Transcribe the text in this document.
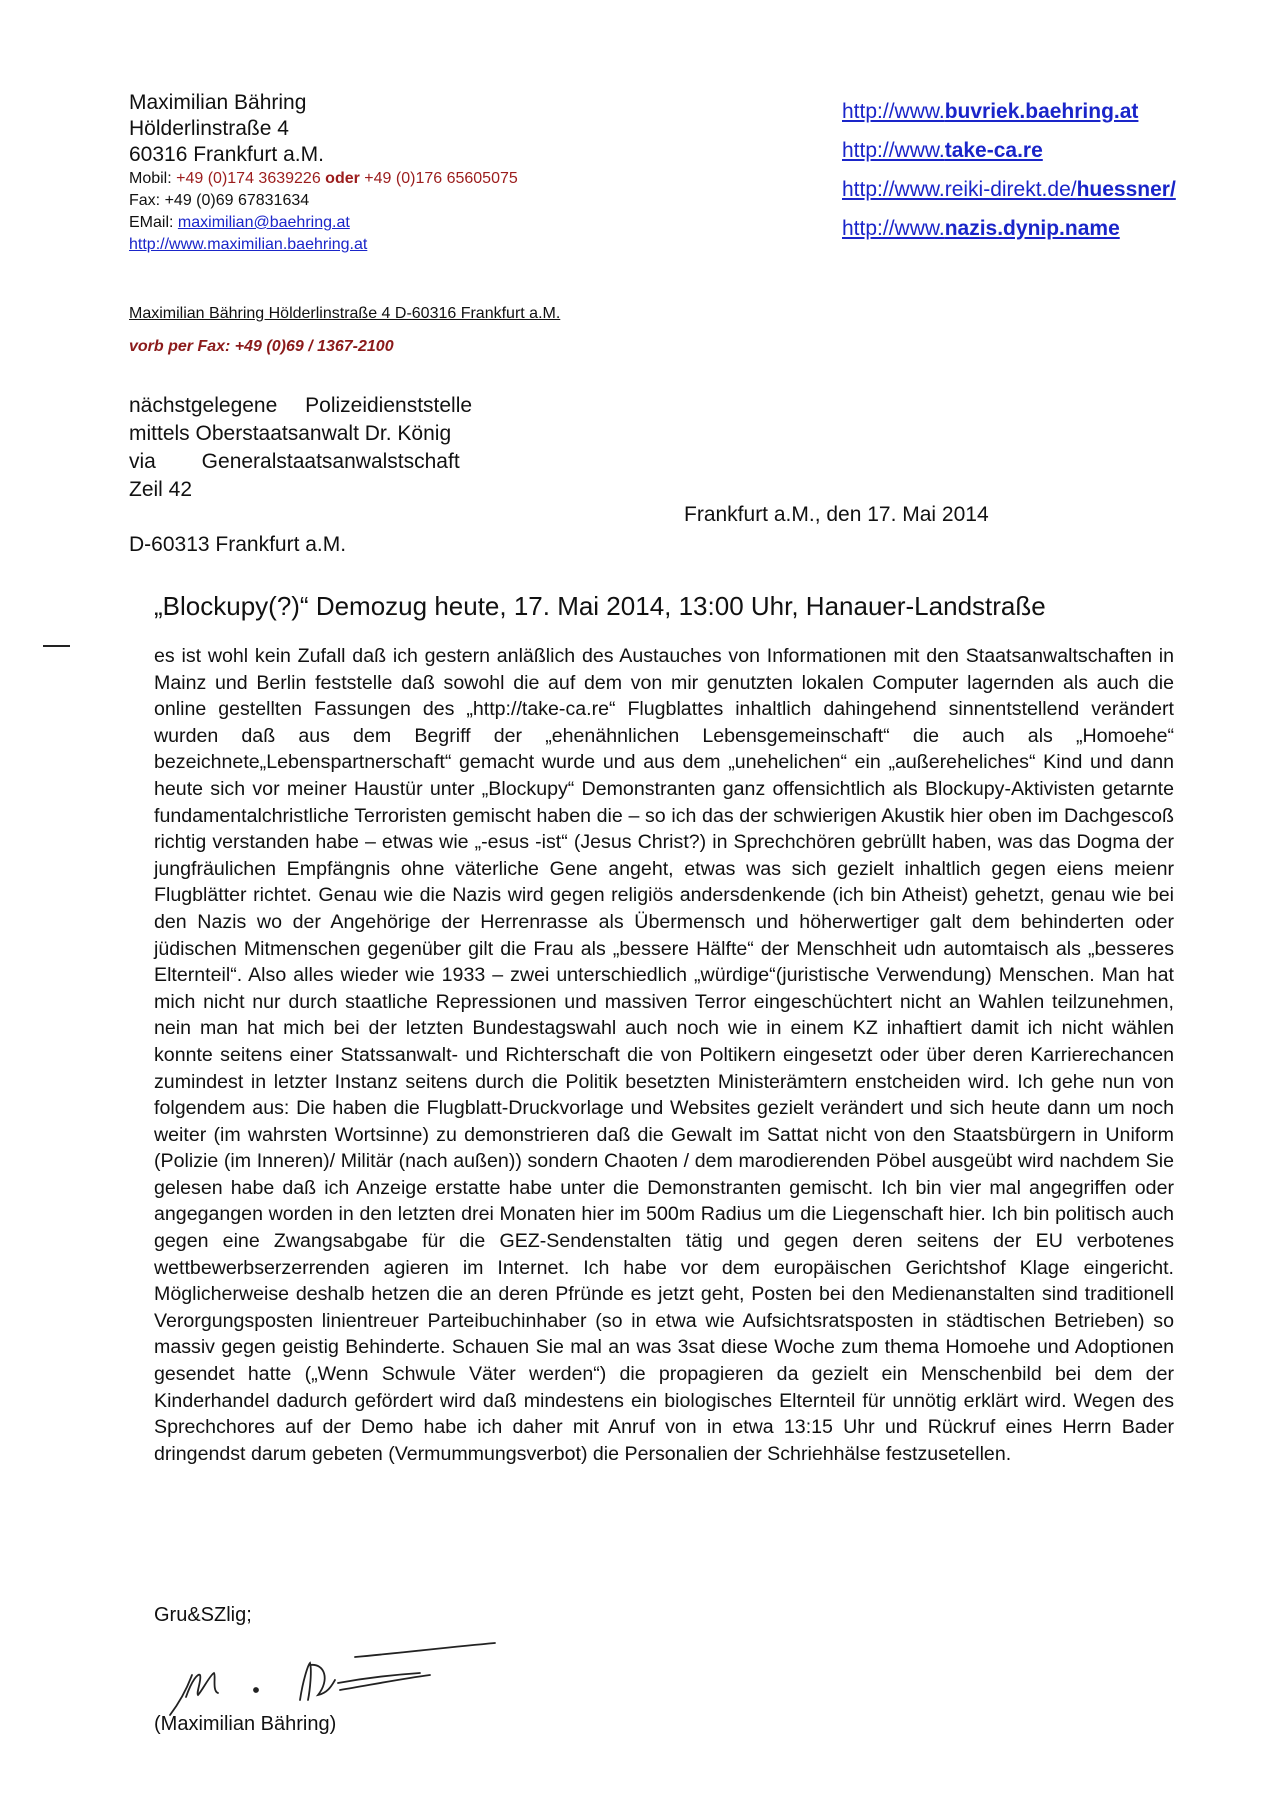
Maximilian Bähring
Hölderlinstraße 4
60316 Frankfurt a.M.
Mobil: +49 (0)174 3639226 oder +49 (0)176 65605075
Fax: +49 (0)69 67831634
EMail: maximilian@baehring.at
http://www.maximilian.baehring.at
http://www.buvriek.baehring.at
http://www.take-ca.re
http://www.reiki-direkt.de/huessner/
http://www.nazis.dynip.name
Maximilian Bähring Hölderlinstraße 4 D-60316 Frankfurt a.M.
vorb per Fax: +49 (0)69 / 1367-2100
nächstgelegene Polizeidienststelle
mittels Oberstaatsanwalt Dr. König
via Generalstaatsanwalstschaft
Zeil 42
D-60313 Frankfurt a.M.
Frankfurt a.M., den 17. Mai 2014
„Blockupy(?)“ Demozug heute, 17. Mai 2014, 13:00 Uhr, Hanauer-Landstraße

es ist wohl kein Zufall daß ich gestern anläßlich des Austauches von Informationen mit den Staatsanwaltschaften in Mainz und Berlin feststelle daß sowohl die auf dem von mir genutzten lokalen Computer lagernden als auch die online gestellten Fassungen des „http://take-ca.re“ Flugblattes inhaltlich dahingehend sinnentstellend verändert wurden daß aus dem Begriff der „ehenähnlichen Lebensgemeinschaft“ die auch als „Homoehe“ bezeichnete„Lebenspartnerschaft“ gemacht wurde und aus dem „unehelichen“ ein „außereheliches“ Kind und dann heute sich vor meiner Haustür unter „Blockupy“ Demonstranten ganz offensichtlich als Blockupy-Aktivisten getarnte fundamentalchristliche Terroristen gemischt haben die – so ich das der schwierigen Akustik hier oben im Dachgescoß richtig verstanden habe – etwas wie „-esus -ist“ (Jesus Christ?) in Sprechchören gebrüllt haben, was das Dogma der jungfräulichen Empfängnis ohne väterliche Gene angeht, etwas was sich gezielt inhaltlich gegen eiens meienr Flugblätter richtet. Genau wie die Nazis wird gegen religiös andersdenkende (ich bin Atheist) gehetzt, genau wie bei den Nazis wo der Angehörige der Herrenrasse als Übermensch und höherwertiger galt dem behinderten oder jüdischen Mitmenschen gegenüber gilt die Frau als „bessere Hälfte“ der Menschheit udn automtaisch als „besseres Elternteil“. Also alles wieder wie 1933 – zwei unterschiedlich „würdige“(juristische Verwendung) Menschen. Man hat mich nicht nur durch staatliche Repressionen und massiven Terror eingeschüchtert nicht an Wahlen teilzunehmen, nein man hat mich bei der letzten Bundestagswahl auch noch wie in einem KZ inhaftiert damit ich nicht wählen konnte seitens einer Statssanwalt- und Richterschaft die von Poltikern eingesetzt oder über deren Karrierechancen zumindest in letzter Instanz seitens durch die Politik besetzten Ministerämtern enstcheiden wird. Ich gehe nun von folgendem aus: Die haben die Flugblatt-Druckvorlage und Websites gezielt verändert und sich heute dann um noch weiter (im wahrsten Wortsinne) zu demonstrieren daß die Gewalt im Sattat nicht von den Staatsbürgern in Uniform (Polizie (im Inneren)/ Militär (nach außen)) sondern Chaoten / dem marodierenden Pöbel ausgeübt wird nachdem Sie gelesen habe daß ich Anzeige erstatte habe unter die Demonstranten gemischt. Ich bin vier mal angegriffen oder angegangen worden in den letzten drei Monaten hier im 500m Radius um die Liegenschaft hier. Ich bin politisch auch gegen eine Zwangsabgabe für die GEZ-Sendenstalten tätig und gegen deren seitens der EU verbotenes wettbewerbserzerrenden agieren im Internet. Ich habe vor dem europäischen Gerichtshof Klage eingericht. Möglicherweise deshalb hetzen die an deren Pfründe es jetzt geht, Posten bei den Medienanstalten sind traditionell Verorgungsposten linientreuer Parteibuchinhaber (so in etwa wie Aufsichtsratsposten in städtischen Betrieben) so massiv gegen geistig Behinderte. Schauen Sie mal an was 3sat diese Woche zum thema Homoehe und Adoptionen gesendet hatte („Wenn Schwule Väter werden“) die propagieren da gezielt ein Menschenbild bei dem der Kinderhandel dadurch gefördert wird daß mindestens ein biologisches Elternteil für unnötig erklärt wird. Wegen des Sprechchores auf der Demo habe ich daher mit Anruf von in etwa 13:15 Uhr und Rückruf eines Herrn Bader dringendst darum gebeten (Vermummungsverbot) die Personalien der Schriehhälse festzusetellen.

Gru&SZlig;
(Maximilian Bähring)
